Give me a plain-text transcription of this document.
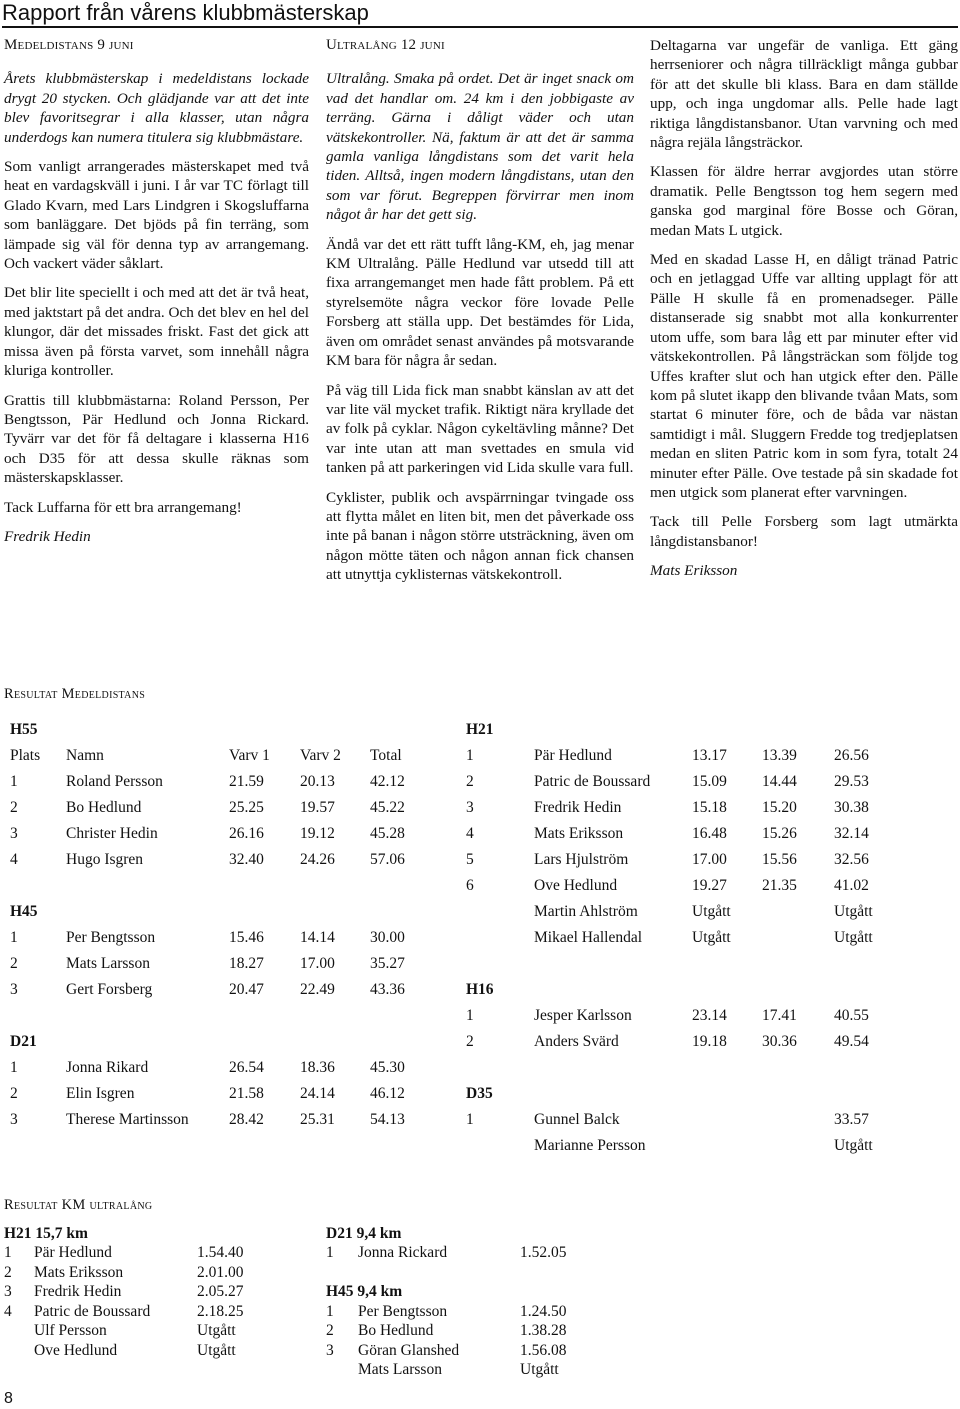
Rapport från vårens klubbmästerskap
Medeldistans 9 juni

Årets klubbmästerskap i medeldistans lockade drygt 20 stycken. Och glädjande var att det inte blev favoritsegrar i alla klasser, utan några underdogs kan numera titulera sig klubbmästare.

Som vanligt arrangerades mästerskapet med två heat en vardagskväll i juni. I år var TC förlagt till Glado Kvarn, med Lars Lindgren i Skogsluffarna som banläggare. Det bjöds på fin terräng, som lämpade sig väl för denna typ av arrangemang. Och vackert väder såklart.

Det blir lite speciellt i och med att det är två heat, med jaktstart på det andra. Och det blev en hel del klungor, där det missades friskt. Fast det gick att missa även på första varvet, som innehåll några kluriga kontroller.

Grattis till klubbmästarna: Roland Persson, Per Bengtsson, Pär Hedlund och Jonna Rickard. Tyvärr var det för få deltagare i klasserna H16 och D35 för att dessa skulle räknas som mästerskapsklasser.

Tack Luffarna för ett bra arrangemang!

Fredrik Hedin
Ultralång 12 juni

Ultralång. Smaka på ordet. Det är inget snack om vad det handlar om. 24 km i den jobbigaste av terräng. Gärna i dåligt väder och utan vätskekontroller. Nä, faktum är att det är samma gamla vanliga långdistans som det varit hela tiden. Alltså, ingen modern långdistans, utan den som var förut. Begreppen förvirrar men inom något år har det gett sig.

Ändå var det ett rätt tufft lång-KM, eh, jag menar KM Ultralång. Pälle Hedlund var utsedd till att fixa arrangemanget men hade fått problem. På ett styrelsemöte några veckor före lovade Pelle Forsberg att ställa upp. Det bestämdes för Lida, även om området senast användes på motsvarande KM bara för några år sedan.

På väg till Lida fick man snabbt känslan av att det var lite väl mycket trafik. Riktigt nära kryllade det av folk på cyklar. Någon cykeltävling månne? Det var inte utan att man svettades en smula vid tanken på att parkeringen vid Lida skulle vara full.

Cyklister, publik och avspärrningar tvingade oss att flytta målet en liten bit, men det påverkade oss inte på banan i någon större utsträckning, även om någon mötte täten och någon annan fick chansen att utnyttja cyklisternas vätskekontroll.

Deltagarna var ungefär de vanliga. Ett gäng herrseniorer och några tillräckligt många gubbar för att det skulle bli klass. Bara en dam ställde upp, och inga ungdomar alls. Pelle hade lagt riktiga långdistansbanor. Utan varvning och med några rejäla långsträckor.

Klassen för äldre herrar avgjordes utan större dramatik. Pelle Bengtsson tog hem segern med ganska god marginal före Bosse och Göran, medan Mats L utgick.

Med en skadad Lasse H, en dåligt tränad Patric och en jetlaggad Uffe var allting upplagt för att Pälle H skulle få en promenadseger. Pälle distanserade sig snabbt mot alla konkurrenter utom uffe, som bara låg ett par minuter efter vid vätskekontrollen. På långsträckan som följde tog Uffes krafter slut och han utgick efter den. Pälle kom på slutet ikapp den blivande tvåan Mats, som startat 6 minuter före, och de båda var nästan samtidigt i mål. Sluggern Fredde tog tredjeplatsen medan en sliten Patric kom in som fyra, totalt 24 minuter efter Pälle. Ove testade på sin skadade fot men utgick som planerat efter varvningen.

Tack till Pelle Forsberg som lagt utmärkta långdistansbanor!

Mats Eriksson
Resultat Medeldistans
H55				
Plats	Namn	Varv 1	Varv 2	Total
1	Roland Persson	21.59	20.13	42.12
2	Bo Hedlund	25.25	19.57	45.22
3	Christer Hedin	26.16	19.12	45.28
4	Hugo Isgren	32.40	24.26	57.06

H45				
1	Per Bengtsson	15.46	14.14	30.00
2	Mats Larsson	18.27	17.00	35.27
3	Gert Forsberg	20.47	22.49	43.36

D21				
1	Jonna Rikard	26.54	18.36	45.30
2	Elin Isgren	21.58	24.14	46.12
3	Therese Martinsson	28.42	25.31	54.13
H21				
1	Pär Hedlund	13.17	13.39	26.56
2	Patric de Boussard	15.09	14.44	29.53
3	Fredrik Hedin	15.18	15.20	30.38
4	Mats Eriksson	16.48	15.26	32.14
5	Lars Hjulström	17.00	15.56	32.56
6	Ove Hedlund	19.27	21.35	41.02
	Martin Ahlström	Utgått		Utgått
	Mikael Hallendal	Utgått		Utgått

H16				
1	Jesper Karlsson	23.14	17.41	40.55
2	Anders Svärd	19.18	30.36	49.54

D35				
1	Gunnel Balck			33.57
	Marianne Persson			Utgått
Resultat KM ultralång
H21 15,7 km		
1	Pär Hedlund	1.54.40
2	Mats Eriksson	2.01.00
3	Fredrik Hedin	2.05.27
4	Patric de Boussard	2.18.25
	Ulf Persson	Utgått
	Ove Hedlund	Utgått
D21 9,4 km		
1	Jonna Rickard	1.52.05

H45 9,4 km		
1	Per Bengtsson	1.24.50
2	Bo Hedlund	1.38.28
3	Göran Glanshed	1.56.08
	Mats Larsson	Utgått
8
